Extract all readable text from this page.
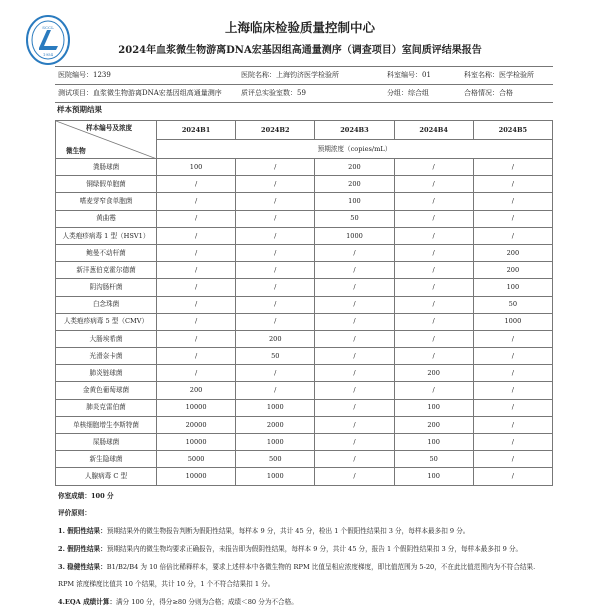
SCCL
1954
上海临床检验质量控制中心
2024年血浆微生物游离DNA宏基因组高通量测序（调查项目）室间质评结果报告
医院编号：1239	医院名称：上海钧济医学检验所	科室编号：01	科室名称：医学检验所
测试项目：血浆微生物游离DNA宏基因组高通量测序	质评总实验室数：59	分组：综合组	合格情况：合格
样本预期结果
样本编号及浓度
微生物	2024B1	2024B2	2024B3	2024B4	2024B5
	预期浓度（copies/mL）				
粪肠球菌	100	/	200	/	/
铜绿假单胞菌	/	/	200	/	/
嗜麦芽窄食单胞菌	/	/	100	/	/
黄曲霉	/	/	50	/	/
人类疱疹病毒 1 型（HSV1）	/	/	1000	/	/
鲍曼不动杆菌	/	/	/	/	200
新洋葱伯克霍尔德菌	/	/	/	/	200
阴沟肠杆菌	/	/	/	/	100
白念珠菌	/	/	/	/	50
人类疱疹病毒 5 型（CMV）	/	/	/	/	1000
大肠埃希菌	/	200	/	/	/
光滑奈卡菌	/	50	/	/	/
肺炎链球菌	/	/	/	200	/
金黄色葡萄球菌	200	/	/	/	/
肺炎克雷伯菌	10000	1000	/	100	/
单核细胞增生李斯特菌	20000	2000	/	200	/
屎肠球菌	10000	1000	/	100	/
新生隐球菌	5000	500	/	50	/
人腺病毒 C 型	10000	1000	/	100	/
你室成绩：100 分
评价原则：
1. 假阳性结果：预期结果外的微生物报告判断为假阳性结果，每样本 9 分，共计 45 分，检出 1 个假阳性结果扣 3 分，每样本最多扣 9 分。
2. 假阴性结果：预期结果内的微生物均要求正确报告，未报告即为假阴性结果，每样本 9 分，共计 45 分，报告 1 个假阴性结果扣 3 分，每样本最多扣 9 分。
3. 稳健性结果：B1/B2/B4 为 10 倍倍比稀释样本，要求上述样本中各微生物的 RPM 比值呈相应浓度梯度，即比值范围为 5-20，不在此比值范围内为不符合结果.
RPM 浓度梯度比值共 10 个结果，共计 10 分，1 个不符合结果扣 1 分。
4.EQA 成绩计算：满分 100 分，得分≥80 分则为合格；成绩＜80 分为不合格。
